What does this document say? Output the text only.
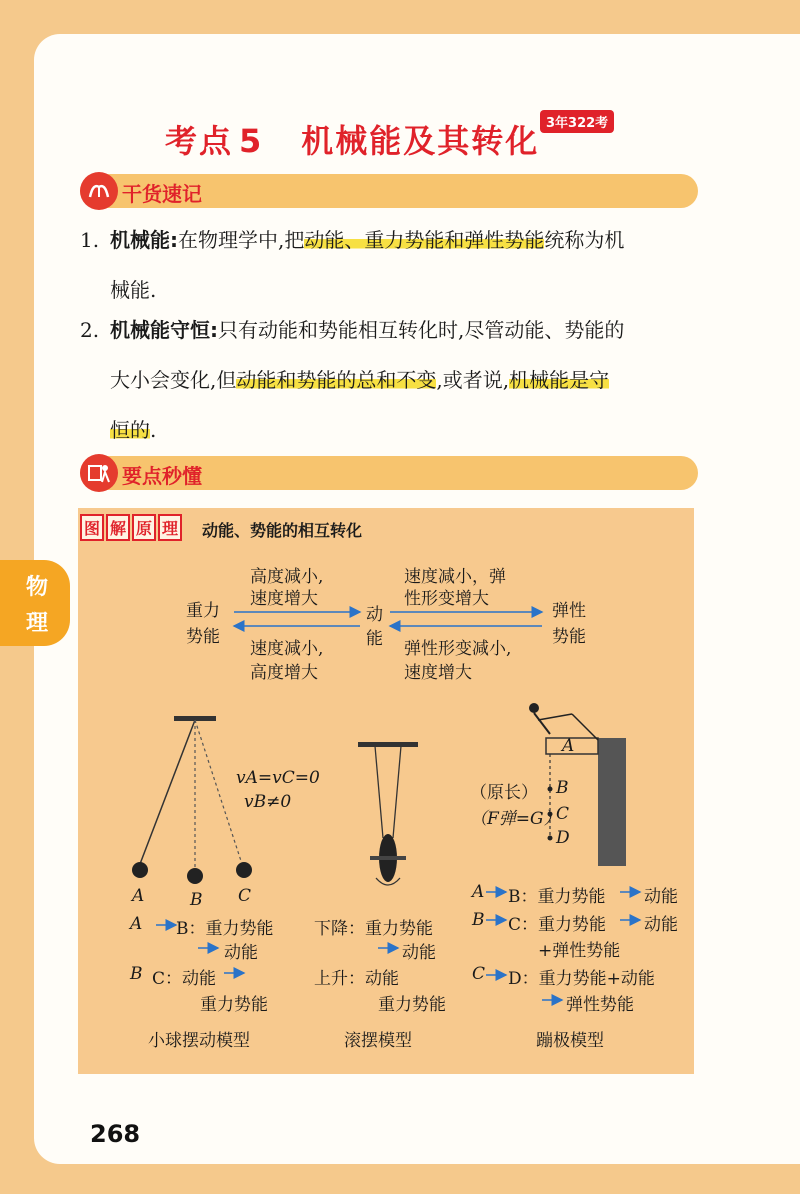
考点 5 机械能及其转化 3年322考
干货速记
1. 机械能:在物理学中,把动能、重力势能和弹性势能统称为机
械能.
2. 机械能守恒:只有动能和势能相互转化时,尽管动能、势能的
大小会变化,但动能和势能的总和不变,或者说,机械能是守
恒的.
要点秒懂
物
理
图 解 原 理 动能、势能的相互转化
重力
势能
动
能
弹性
势能
高度减小,
速度增大
速度减小,
高度增大
速度减小，弹
性形变增大
弹性形变减小,
速度增大
A	B C
vA=vC=0
vB≠0
A B：重力势能
动能
B C：动能
重力势能
小球摆动模型
下降：重力势能
动能
上升：动能
重力势能
滚摆模型
A
B
C
D
（原长）
（F弹=G）
A B：重力势能 动能
B C：重力势能 动能
+弹性势能
C D：重力势能+动能
弹性势能
蹦极模型
268
